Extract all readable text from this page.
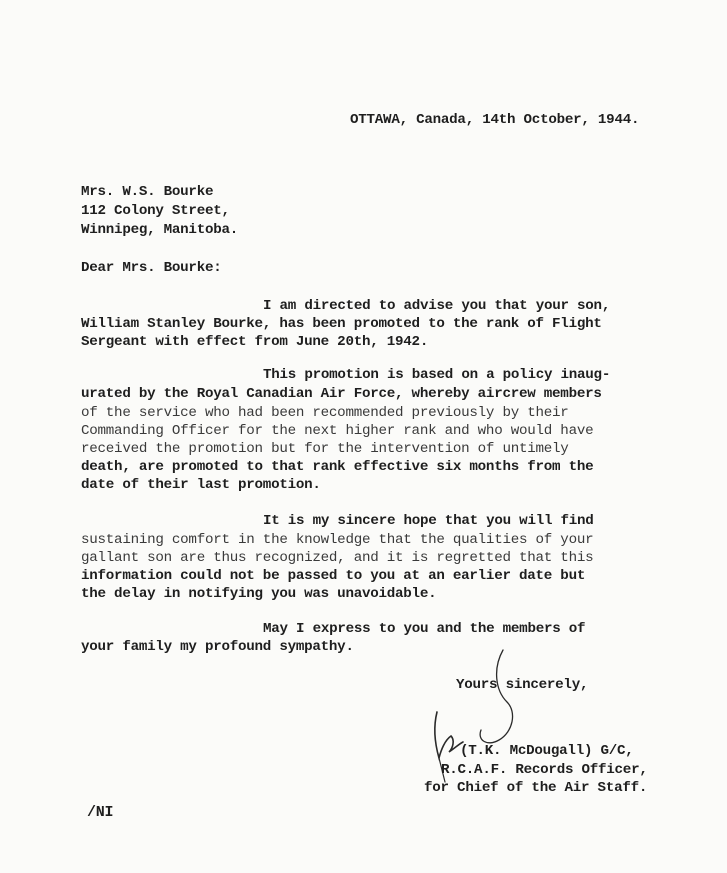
OTTAWA, Canada, 14th October, 1944.
Mrs. W.S. Bourke
112 Colony Street,
Winnipeg, Manitoba.
Dear Mrs. Bourke:
I am directed to advise you that your son,
William Stanley Bourke, has been promoted to the rank of Flight
Sergeant with effect from June 20th, 1942.
This promotion is based on a policy inaug-
urated by the Royal Canadian Air Force, whereby aircrew members
of the service who had been recommended previously by their
Commanding Officer for the next higher rank and who would have
received the promotion but for the intervention of untimely
death, are promoted to that rank effective six months from the
date of their last promotion.
It is my sincere hope that you will find
sustaining comfort in the knowledge that the qualities of your
gallant son are thus recognized, and it is regretted that this
information could not be passed to you at an earlier date but
the delay in notifying you was unavoidable.
May I express to you and the members of
your family my profound sympathy.
Yours sincerely,
(T.K. McDougall) G/C,
R.C.A.F. Records Officer,
for Chief of the Air Staff.
/NI
